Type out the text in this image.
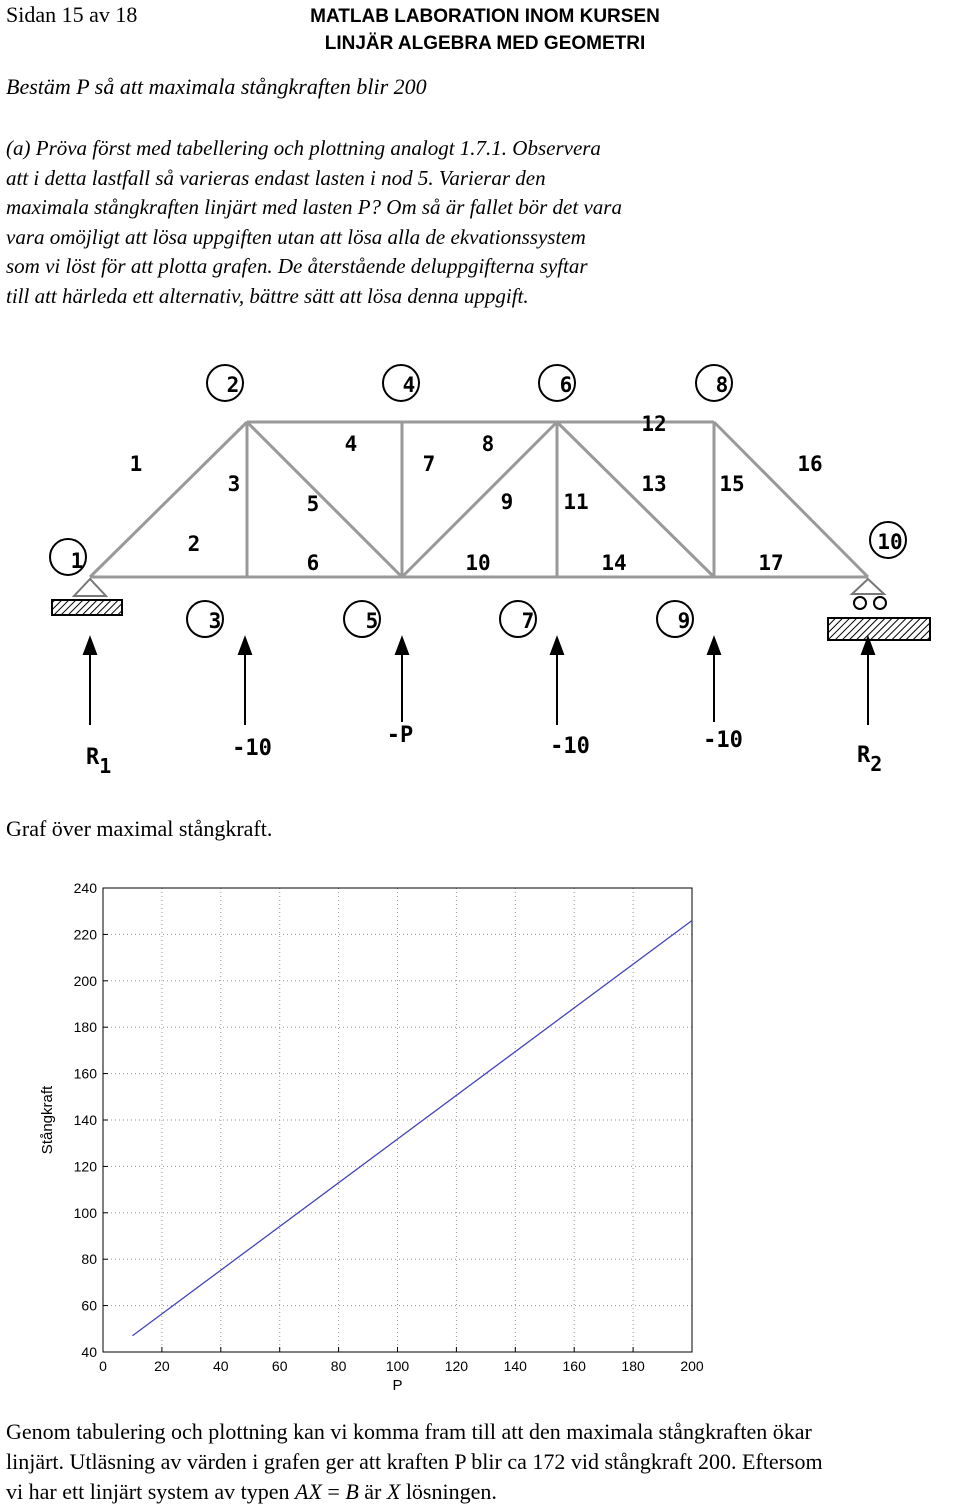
Sidan 15 av 18	MATLAB LABORATION INOM KURSEN
LINJÄR ALGEBRA MED GEOMETRI
Bestäm P så att maximala stångkraften blir 200
(a) Pröva först med tabellering och plottning analogt 1.7.1. Observera
att i detta lastfall så varieras endast lasten i nod 5. Varierar den
maximala stångkraften linjärt med lasten P? Om så är fallet bör det vara
vara omöjligt att lösa uppgiften utan att lösa alla de ekvationssystem
som vi löst för att plotta grafen. De återstående deluppgifterna syftar
till att härleda ett alternativ, bättre sätt att lösa denna uppgift.
2	4	6	8
3	5	7	9
1
10
1
2
3
4
5
6
7
8
9
10
11
12
13
14
15
16
17
R1
-10
-P	-10	-10
R2
Graf över maximal stångkraft.
0	20	40	60	80	100	120	140	160	180	200
40
60
80
100
120
140
160
180
200
220
240
P
Stångkraft
Genom tabulering och plottning kan vi komma fram till att den maximala stångkraften ökar
linjärt. Utläsning av värden i grafen ger att kraften P blir ca 172 vid stångkraft 200. Eftersom
vi har ett linjärt system av typen AX = B är X lösningen.
